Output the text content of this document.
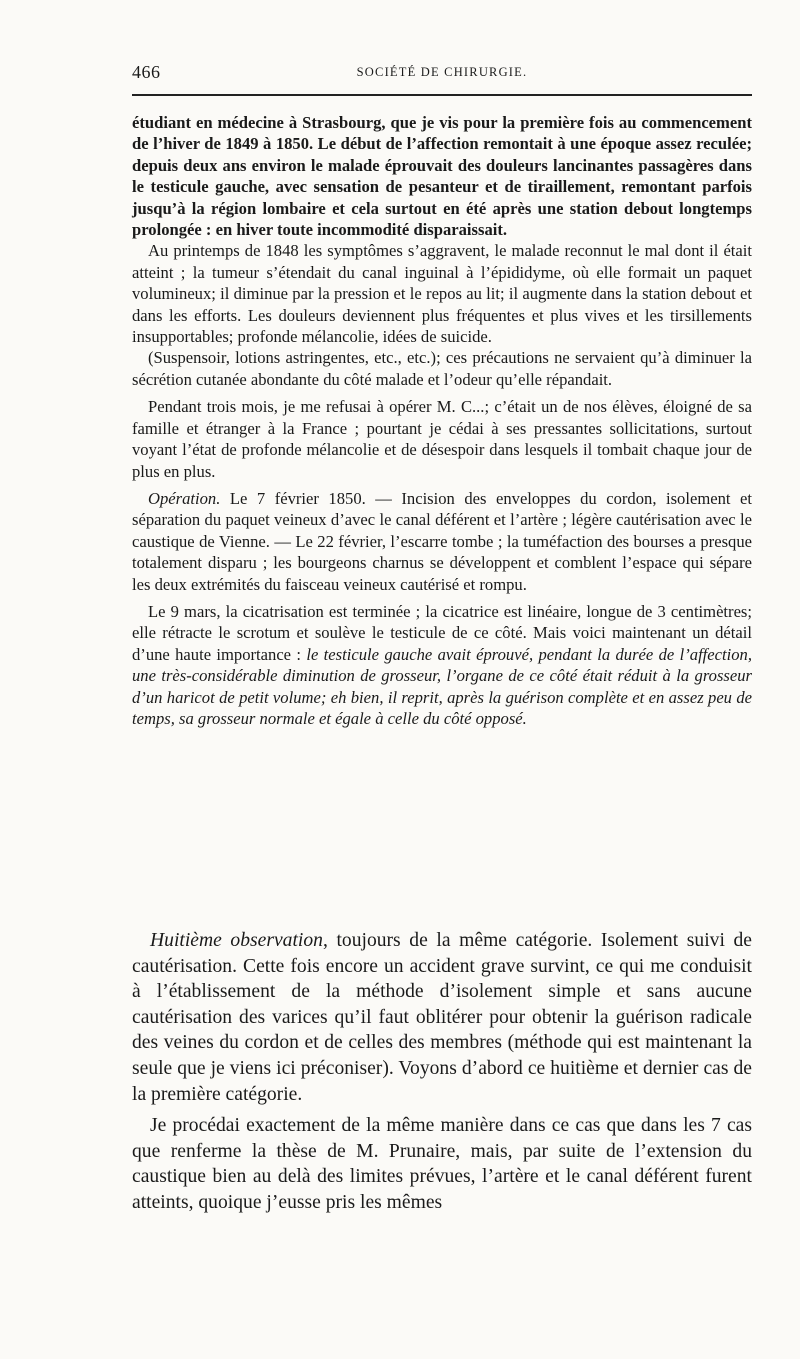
466	SOCIÉTÉ DE CHIRURGIE.

étudiant en médecine à Strasbourg, que je vis pour la première fois au commencement de l’hiver de 1849 à 1850. Le début de l’affection remontait à une époque assez reculée; depuis deux ans environ le malade éprouvait des douleurs lancinantes passagères dans le testicule gauche, avec sensation de pesanteur et de tiraillement, remontant parfois jusqu’à la région lombaire et cela surtout en été après une station debout longtemps prolongée : en hiver toute incommodité disparaissait.

Au printemps de 1848 les symptômes s’aggravent, le malade reconnut le mal dont il était atteint ; la tumeur s’étendait du canal inguinal à l’épididyme, où elle formait un paquet volumineux; il diminue par la pression et le repos au lit; il augmente dans la station debout et dans les efforts. Les douleurs deviennent plus fréquentes et plus vives et les tirsillements insupportables; profonde mélancolie, idées de suicide.

(Suspensoir, lotions astringentes, etc., etc.); ces précautions ne servaient qu’à diminuer la sécrétion cutanée abondante du côté malade et l’odeur qu’elle répandait.

Pendant trois mois, je me refusai à opérer M. C...; c’était un de nos élèves, éloigné de sa famille et étranger à la France ; pourtant je cédai à ses pressantes sollicitations, surtout voyant l’état de profonde mélancolie et de désespoir dans lesquels il tombait chaque jour de plus en plus.

Opération. Le 7 février 1850. — Incision des enveloppes du cordon, isolement et séparation du paquet veineux d’avec le canal déférent et l’artère ; légère cautérisation avec le caustique de Vienne. — Le 22 février, l’escarre tombe ; la tuméfaction des bourses a presque totalement disparu ; les bourgeons charnus se développent et comblent l’espace qui sépare les deux extrémités du faisceau veineux cautérisé et rompu.

Le 9 mars, la cicatrisation est terminée ; la cicatrice est linéaire, longue de 3 centimètres; elle rétracte le scrotum et soulève le testicule de ce côté. Mais voici maintenant un détail d’une haute importance : le testicule gauche avait éprouvé, pendant la durée de l’affection, une très-considérable diminution de grosseur, l’organe de ce côté était réduit à la grosseur d’un haricot de petit volume; eh bien, il reprit, après la guérison complète et en assez peu de temps, sa grosseur normale et égale à celle du côté opposé.

Huitième observation, toujours de la même catégorie. Isolement suivi de cautérisation. Cette fois encore un accident grave survint, ce qui me conduisit à l’établissement de la méthode d’isolement simple et sans aucune cautérisation des varices qu’il faut oblitérer pour obtenir la guérison radicale des veines du cordon et de celles des membres (méthode qui est maintenant la seule que je viens ici préconiser). Voyons d’abord ce huitième et dernier cas de la première catégorie.

Je procédai exactement de la même manière dans ce cas que dans les 7 cas que renferme la thèse de M. Prunaire, mais, par suite de l’extension du caustique bien au delà des limites prévues, l’artère et le canal déférent furent atteints, quoique j’eusse pris les mêmes
